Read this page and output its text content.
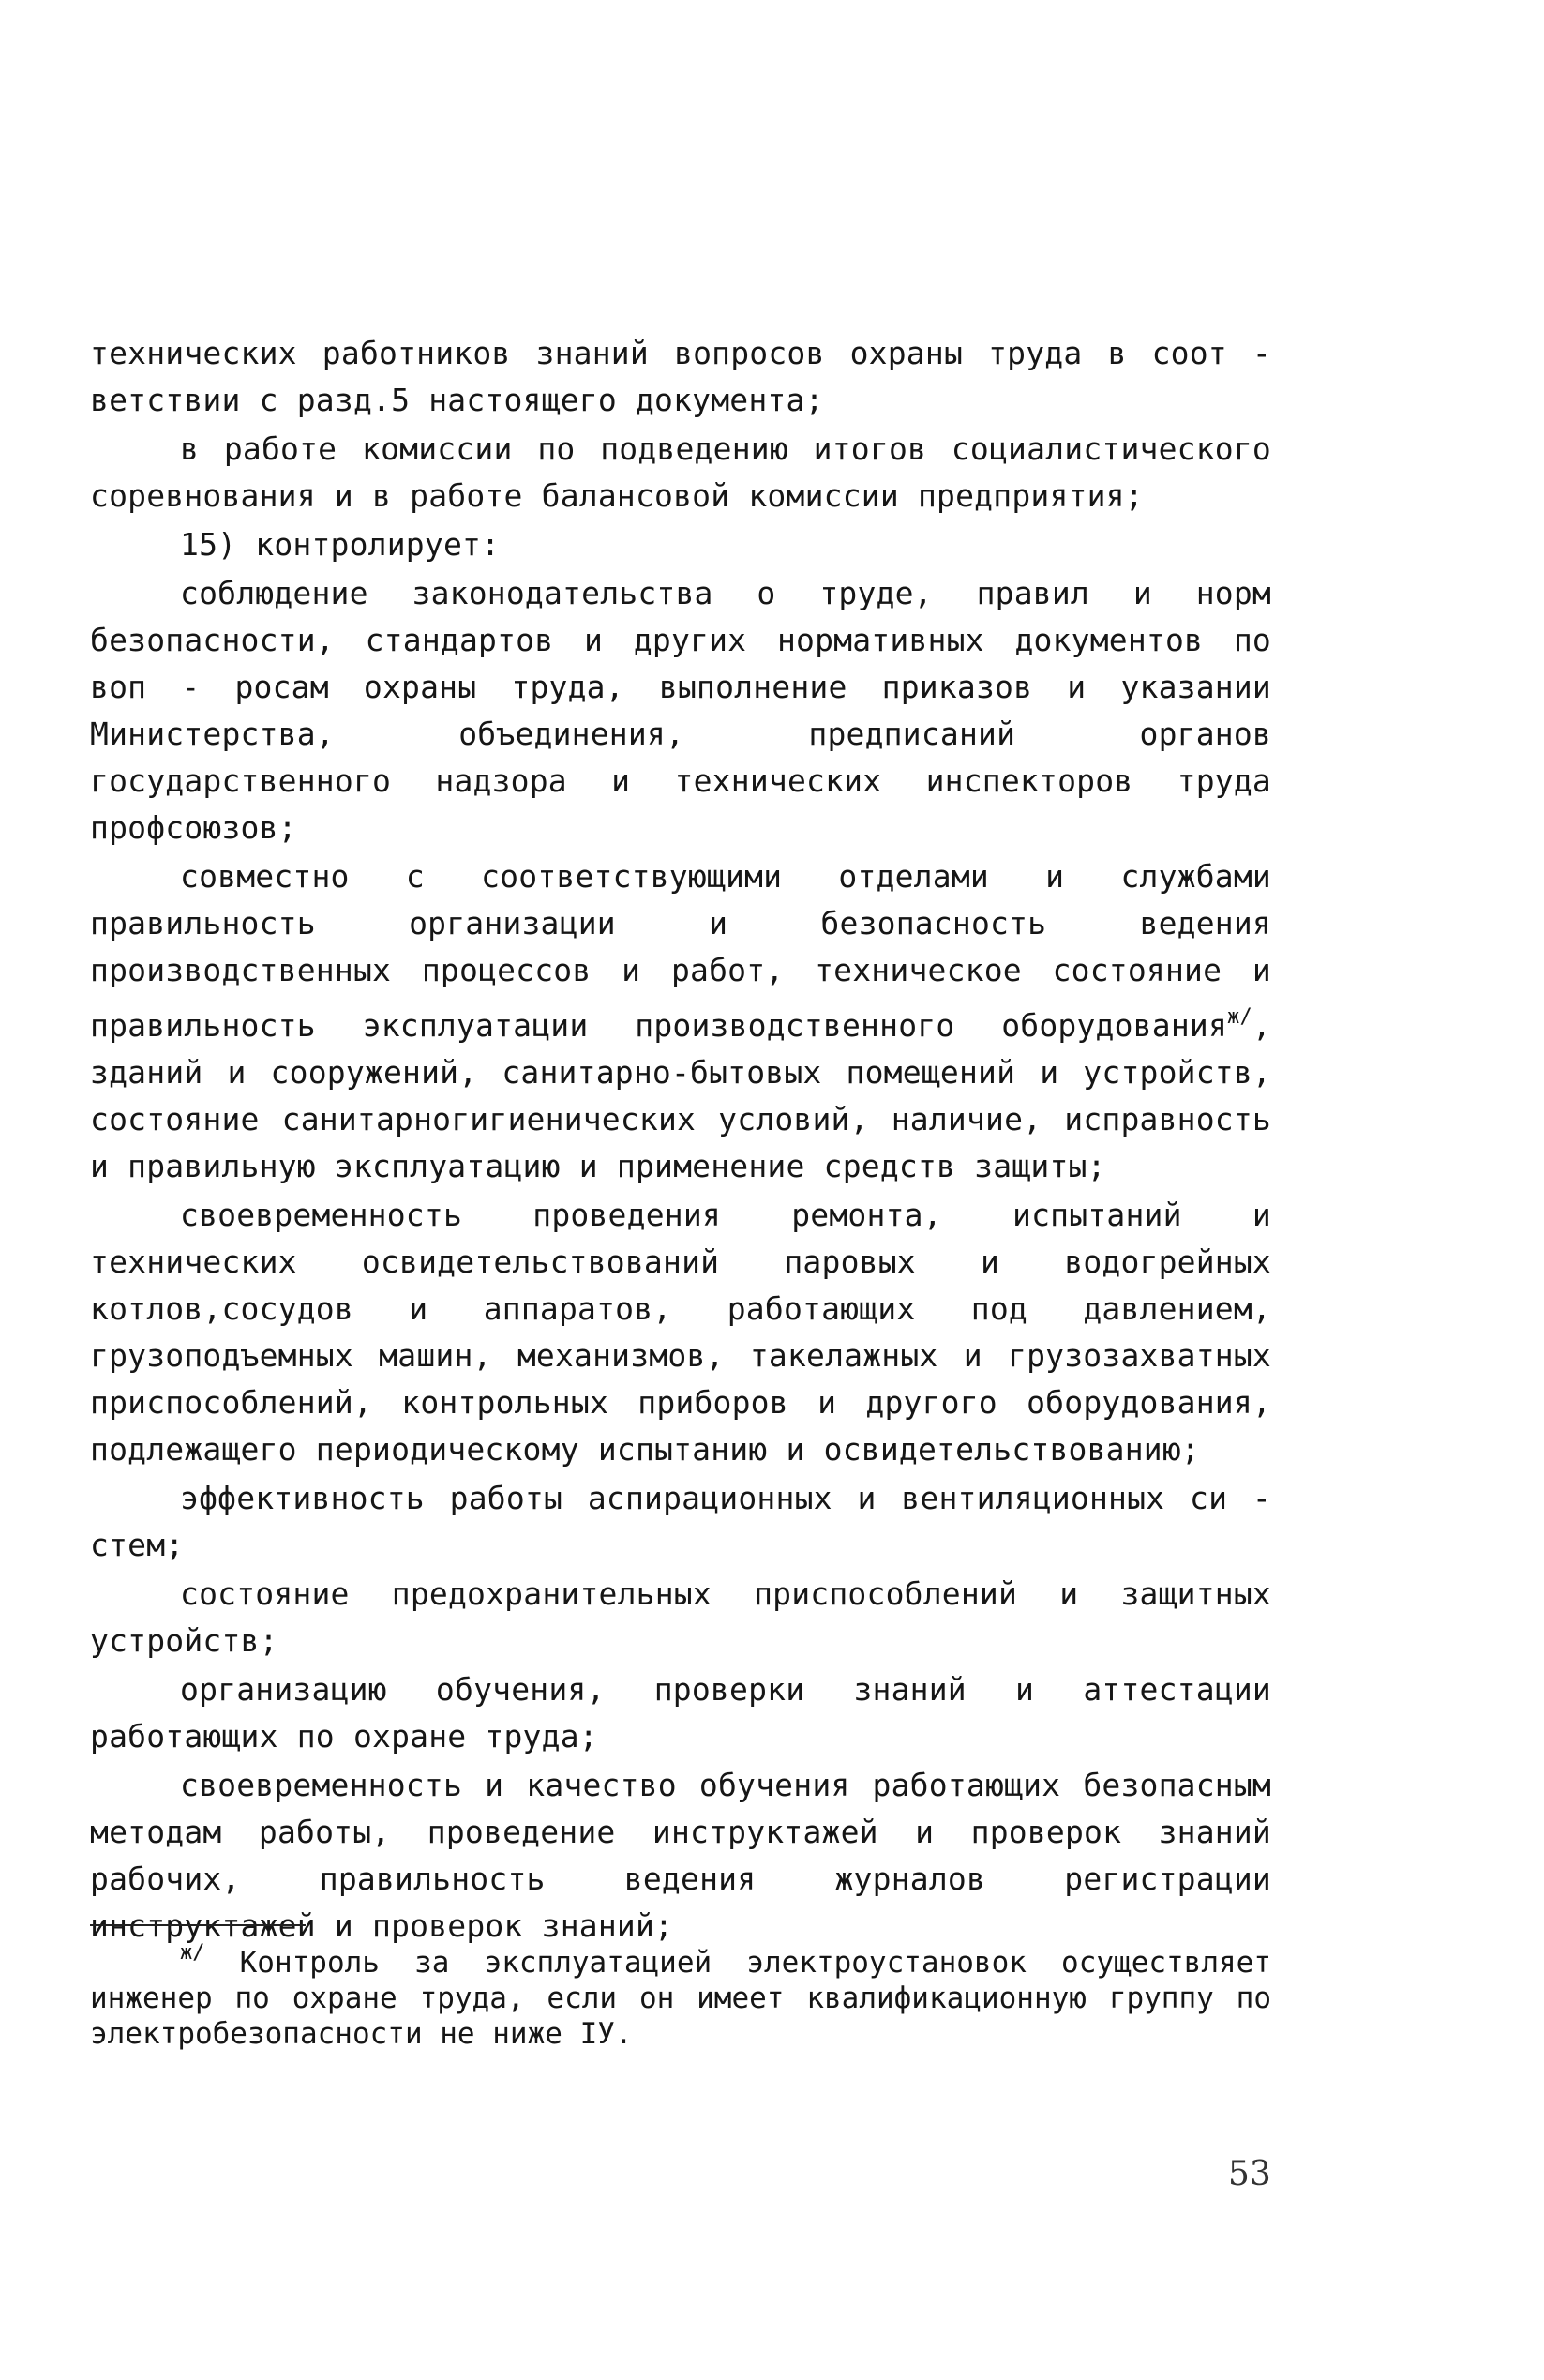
технических работников знаний вопросов охраны труда в соот - ветствии с разд.5 настоящего документа;

в работе комиссии по подведению итогов социалистического соревнования и в работе балансовой комиссии предприятия;

15) контролирует:

соблюдение законодательства о труде, правил и норм безопасности, стандартов и других нормативных документов по воп - росам охраны труда, выполнение приказов и указании Министерства, объединения, предписаний органов государственного надзора и технических инспекторов труда профсоюзов;

совместно с соответствующими отделами и службами правильность организации и безопасность ведения производственных процессов и работ, техническое состояние и правильность эксплуатации производственного оборудования$^{ж/}$, зданий и сооружений, санитарно-бытовых помещений и устройств, состояние санитарногигиенических условий, наличие, исправность и правильную эксплуатацию и применение средств защиты;

своевременность проведения ремонта, испытаний и технических освидетельствований паровых и водогрейных котлов,сосудов и аппаратов, работающих под давлением, грузоподъемных машин, механизмов, такелажных и грузозахватных приспособлений, контрольных приборов и другого оборудования, подлежащего периодическому испытанию и освидетельствованию;

эффективность работы аспирационных и вентиляционных си - стем;

состояние предохранительных приспособлений и защитных устройств;

организацию обучения, проверки знаний и аттестации работающих по охране труда;

своевременность и качество обучения работающих безопасным методам работы, проведение инструктажей и проверок знаний рабочих, правильность ведения журналов регистрации инструктажей и проверок знаний;

ж/ Контроль за эксплуатацией электроустановок осуществляет инженер по охране труда, если он имеет квалификационную группу по электробезопасности не ниже IУ.
53
